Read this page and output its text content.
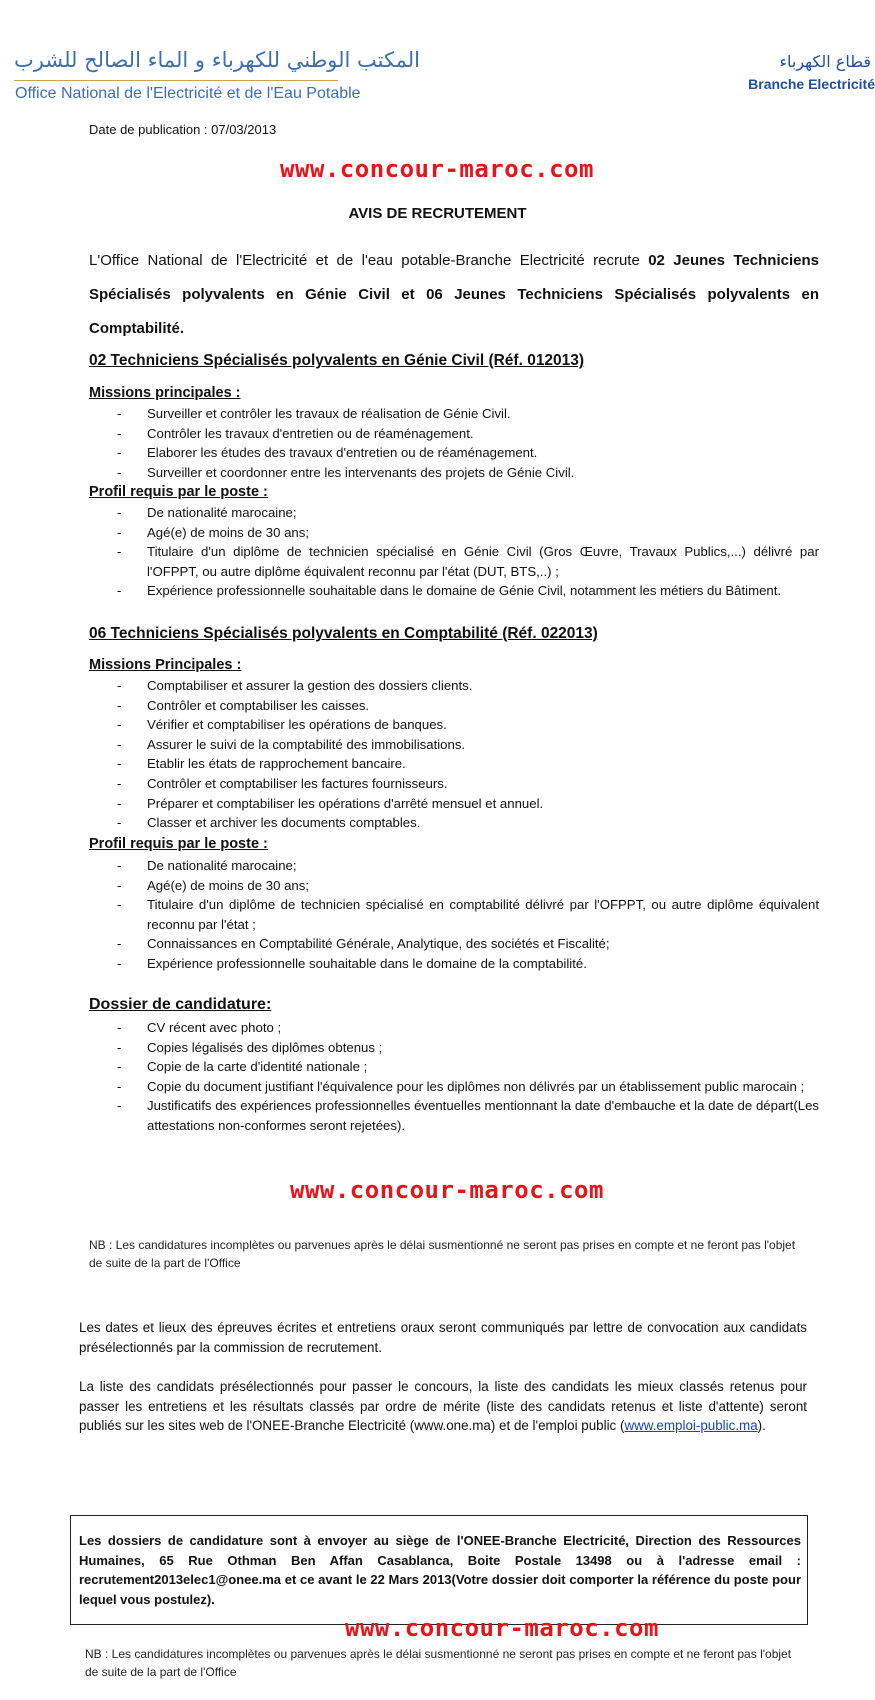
المكتب الوطني للكهرباء و الماء الصالح للشرب
Office National de l'Electricité et de l'Eau Potable
قطاع الكهرباء
Branche Electricité
Date de publication : 07/03/2013
www.concour-maroc.com
AVIS DE RECRUTEMENT
L'Office National de l'Electricité et de l'eau potable-Branche Electricité recrute 02 Jeunes Techniciens Spécialisés polyvalents en Génie Civil et 06 Jeunes Techniciens Spécialisés polyvalents en Comptabilité.
02 Techniciens Spécialisés polyvalents en Génie Civil (Réf. 012013)
Missions principales :
- Surveiller et contrôler les travaux de réalisation de Génie Civil.
- Contrôler les travaux d'entretien ou de réaménagement.
- Elaborer les études des travaux d'entretien ou de réaménagement.
- Surveiller et coordonner entre les intervenants des projets de Génie Civil.
Profil requis par le poste :
- De nationalité marocaine;
- Agé(e) de moins de 30 ans;
- Titulaire d'un diplôme de technicien spécialisé en Génie Civil (Gros Œuvre, Travaux Publics,...) délivré par l'OFPPT, ou autre diplôme équivalent reconnu par l'état (DUT, BTS,..) ;
- Expérience professionnelle souhaitable dans le domaine de Génie Civil, notamment les métiers du Bâtiment.
06 Techniciens Spécialisés polyvalents en Comptabilité (Réf. 022013)
Missions Principales :
- Comptabiliser et assurer la gestion des dossiers clients.
- Contrôler et comptabiliser les caisses.
- Vérifier et comptabiliser les opérations de banques.
- Assurer le suivi de la comptabilité des immobilisations.
- Etablir les états de rapprochement bancaire.
- Contrôler et comptabiliser les factures fournisseurs.
- Préparer et comptabiliser les opérations d'arrêté mensuel et annuel.
- Classer et archiver les documents comptables.
Profil requis par le poste :
- De nationalité marocaine;
- Agé(e) de moins de 30 ans;
- Titulaire d'un diplôme de technicien spécialisé en comptabilité délivré par l'OFPPT, ou autre diplôme équivalent reconnu par l'état ;
- Connaissances en Comptabilité Générale, Analytique, des sociétés et Fiscalité;
- Expérience professionnelle souhaitable dans le domaine de la comptabilité.
Dossier de candidature:
- CV récent avec photo ;
- Copies légalisés des diplômes obtenus ;
- Copie de la carte d'identité nationale ;
- Copie du document justifiant l'équivalence pour les diplômes non délivrés par un établissement public marocain ;
- Justificatifs des expériences professionnelles éventuelles mentionnant la date d'embauche et la date de départ(Les attestations non-conformes seront rejetées).
www.concour-maroc.com
NB : Les candidatures incomplètes ou parvenues après le délai susmentionné ne seront pas prises en compte et ne feront pas l'objet de suite de la part de l'Office
Les dates et lieux des épreuves écrites et entretiens oraux seront communiqués par lettre de convocation aux candidats présélectionnés par la commission de recrutement.
La liste des candidats présélectionnés pour passer le concours, la liste des candidats les mieux classés retenus pour passer les entretiens et les résultats classés par ordre de mérite (liste des candidats retenus et liste d'attente) seront publiés sur les sites web de l'ONEE-Branche Electricité (www.one.ma) et de l'emploi public (www.emploi-public.ma).
Les dossiers de candidature sont à envoyer au siège de l'ONEE-Branche Electricité, Direction des Ressources Humaines, 65 Rue Othman Ben Affan Casablanca, Boite Postale 13498 ou à l'adresse email : recrutement2013elec1@onee.ma et ce avant le 22 Mars 2013(Votre dossier doit comporter la référence du poste pour lequel vous postulez).
www.concour-maroc.com
NB : Les candidatures incomplètes ou parvenues après le délai susmentionné ne seront pas prises en compte et ne feront pas l'objet de suite de la part de l'Office
